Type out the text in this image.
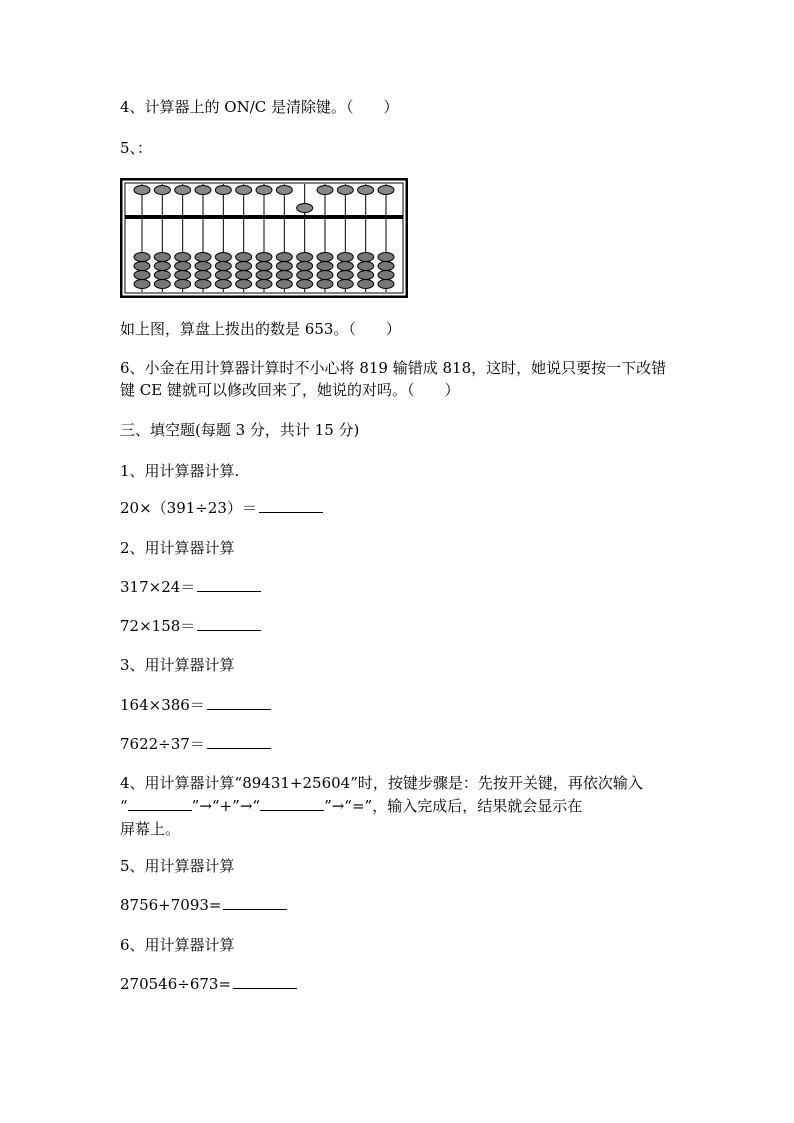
4、计算器上的 ON/C 是清除键。（　　）
5、：
如上图，算盘上拨出的数是 653。（　　）
6、小金在用计算器计算时不小心将 819 输错成 818，这时，她说只要按一下改错键 CE 键就可以修改回来了，她说的对吗。（　　）
三、填空题(每题 3 分，共计 15 分)
1、用计算器计算.
20×（391÷23）＝
2、用计算器计算
317×24＝
72×158＝
3、用计算器计算
164×386＝
7622÷37＝
4、用计算器计算“89431+25604”时，按键步骤是：先按开关键，再依次输入
“	”→“+”→“	”→“=”，输入完成后，结果就会显示在
屏幕上。
5、用计算器计算
8756+7093=
6、用计算器计算
270546÷673=
